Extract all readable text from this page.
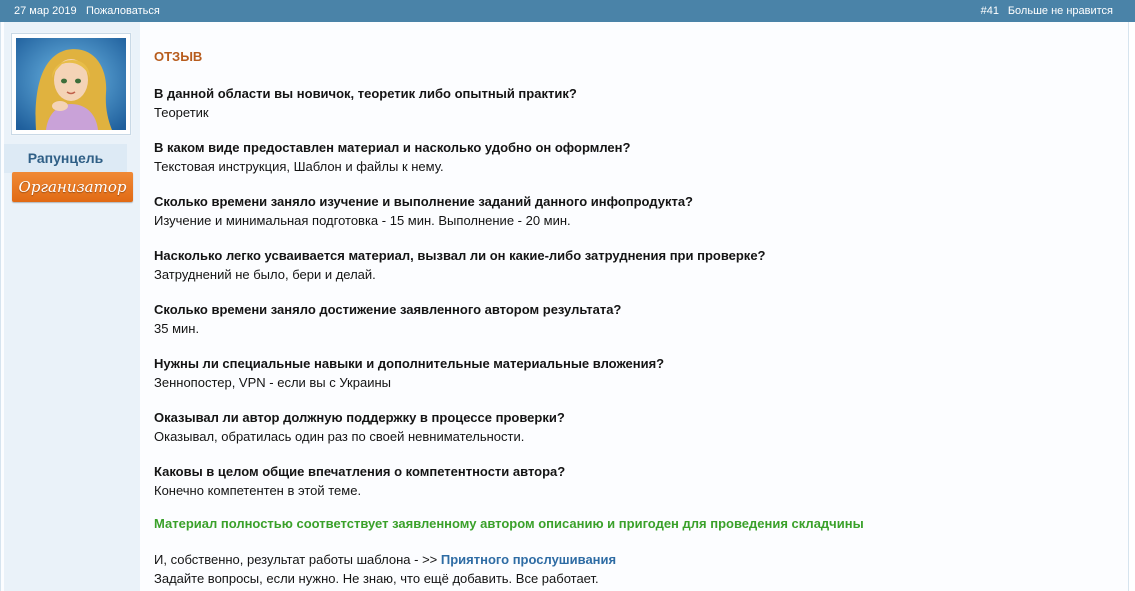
27 мар 2019 Пожаловаться	#41 Больше не нравится
Рапунцель
Организатор
ОТЗЫВ
В данной области вы новичок, теоретик либо опытный практик?
Теоретик
В каком виде предоставлен материал и насколько удобно он оформлен?
Текстовая инструкция, Шаблон и файлы к нему.
Сколько времени заняло изучение и выполнение заданий данного инфопродукта?
Изучение и минимальная подготовка - 15 мин. Выполнение - 20 мин.
Насколько легко усваивается материал, вызвал ли он какие-либо затруднения при проверке?
Затруднений не было, бери и делай.
Сколько времени заняло достижение заявленного автором результата?
35 мин.
Нужны ли специальные навыки и дополнительные материальные вложения?
Зеннопостер, VPN - если вы с Украины
Оказывал ли автор должную поддержку в процессе проверки?
Оказывал, обратилась один раз по своей невнимательности.
Каковы в целом общие впечатления о компетентности автора?
Конечно компетентен в этой теме.
Материал полностью соответствует заявленному автором описанию и пригоден для проведения складчины
И, собственно, результат работы шаблона - >> Приятного прослушивания
Задайте вопросы, если нужно. Не знаю, что ещё добавить. Все работает.
